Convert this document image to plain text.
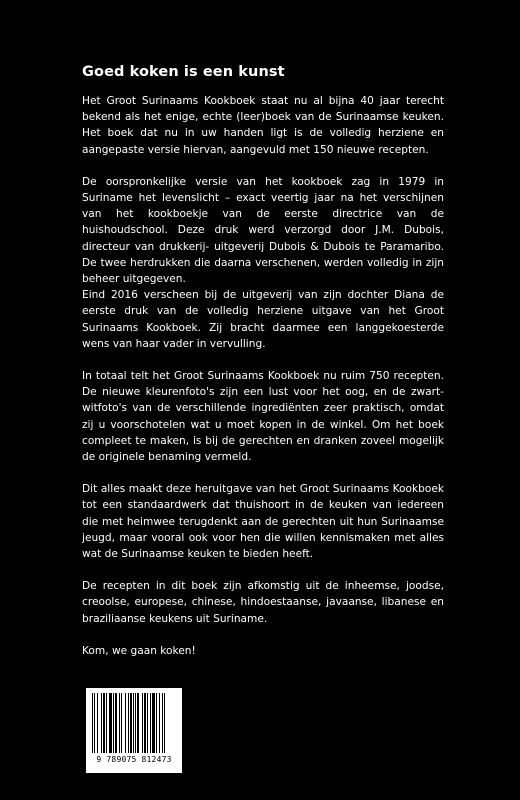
Goed koken is een kunst

Het Groot Surinaams Kookboek staat nu al bijna 40 jaar terecht bekend als het enige, echte (leer)boek van de Surinaamse keuken. Het boek dat nu in uw handen ligt is de volledig herziene en aangepaste versie hiervan, aangevuld met 150 nieuwe recepten.

De oorspronkelijke versie van het kookboek zag in 1979 in Suriname het levenslicht – exact veertig jaar na het verschijnen van het kookboekje van de eerste directrice van de huishoudschool. Deze druk werd verzorgd door J.M. Dubois, directeur van drukkerij- uitgeverij Dubois & Dubois te Paramaribo. De twee herdrukken die daarna verschenen, werden volledig in zijn beheer uitgegeven.
Eind 2016 verscheen bij de uitgeverij van zijn dochter Diana de eerste druk van de volledig herziene uitgave van het Groot Surinaams Kookboek. Zij bracht daarmee een langgekoesterde wens van haar vader in vervulling.

In totaal telt het Groot Surinaams Kookboek nu ruim 750 recepten. De nieuwe kleurenfoto's zijn een lust voor het oog, en de zwart-witfoto's van de verschillende ingrediënten zeer praktisch, omdat zij u voorschotelen wat u moet kopen in de winkel. Om het boek compleet te maken, is bij de gerechten en dranken zoveel mogelijk de originele benaming vermeld.

Dit alles maakt deze heruitgave van het Groot Surinaams Kookboek tot een standaardwerk dat thuishoort in de keuken van iedereen die met heimwee terugdenkt aan de gerechten uit hun Surinaamse jeugd, maar vooral ook voor hen die willen kennismaken met alles wat de Surinaamse keuken te bieden heeft.

De recepten in dit boek zijn afkomstig uit de inheemse, joodse, creoolse, europese, chinese, hindoestaanse, javaanse, libanese en braziliaanse keukens uit Suriname.

Kom, we gaan koken!

9 789075 812473
